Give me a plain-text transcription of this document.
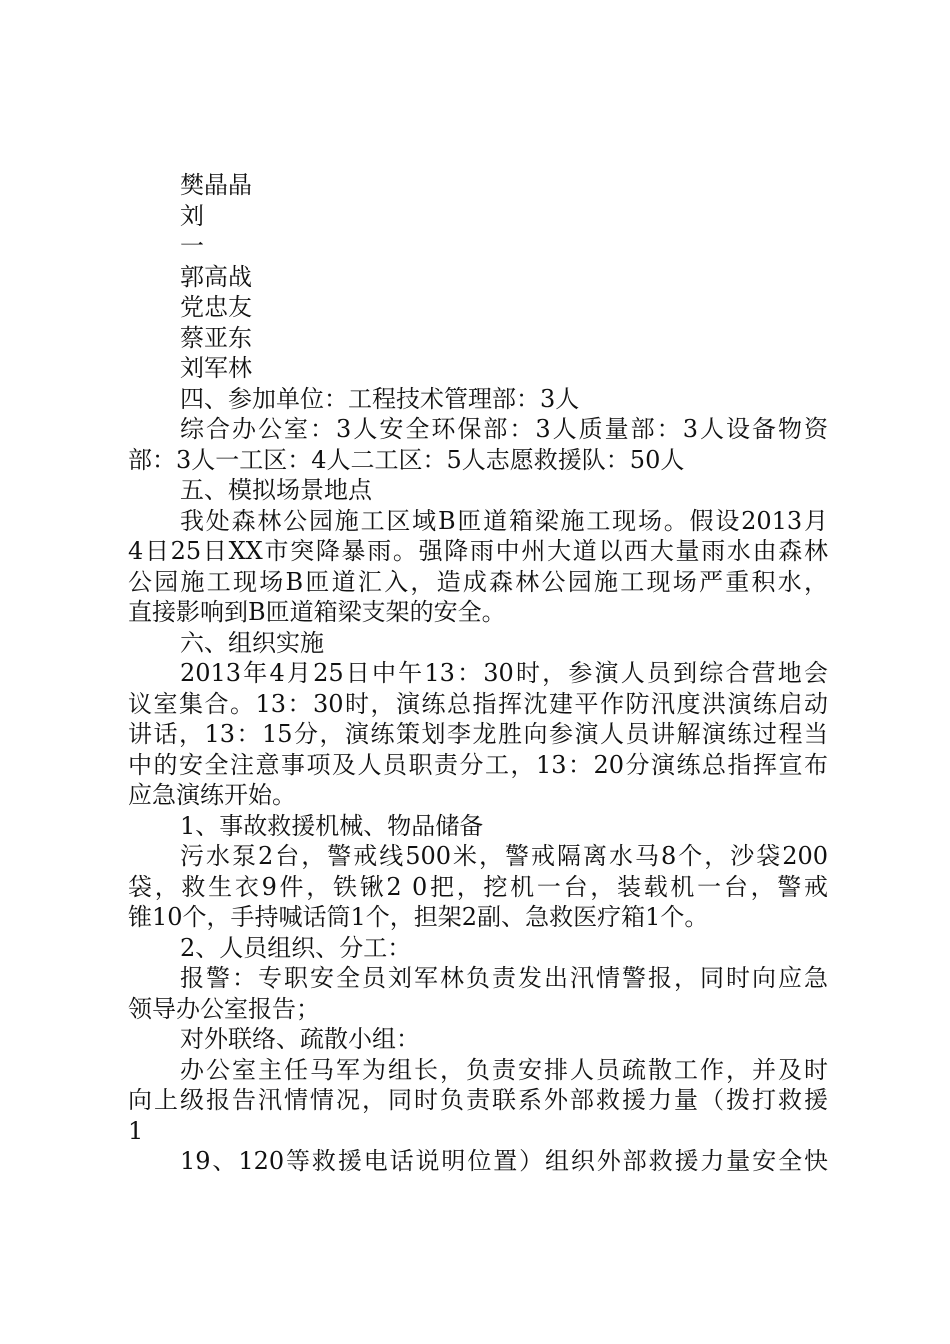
樊晶晶
刘
一
郭高战
党忠友
蔡亚东
刘军林
四、参加单位：工程技术管理部：3人
综合办公室：3人安全环保部：3人质量部：3人设备物资
部：3人一工区：4人二工区：5人志愿救援队：50人
五、模拟场景地点
我处森林公园施工区域B匝道箱梁施工现场。假设2013月
4日25日XX市突降暴雨。强降雨中州大道以西大量雨水由森林
公园施工现场B匝道汇入，造成森林公园施工现场严重积水，
直接影响到B匝道箱梁支架的安全。
六、组织实施
2013年4月25日中午13：30时，参演人员到综合营地会
议室集合。13：30时，演练总指挥沈建平作防汛度洪演练启动
讲话，13：15分，演练策划李龙胜向参演人员讲解演练过程当
中的安全注意事项及人员职责分工，13：20分演练总指挥宣布
应急演练开始。
1、事故救援机械、物品储备
污水泵2台，警戒线500米，警戒隔离水马8个，沙袋200
袋，救生衣9件，铁锹2 0把，挖机一台，装载机一台，警戒
锥10个，手持喊话筒1个，担架2副、急救医疗箱1个。
2、人员组织、分工：
报警：专职安全员刘军林负责发出汛情警报，同时向应急
领导办公室报告；
对外联络、疏散小组：
办公室主任马军为组长，负责安排人员疏散工作，并及时
向上级报告汛情情况，同时负责联系外部救援力量（拨打救援
1
19、120等救援电话说明位置）组织外部救援力量安全快
